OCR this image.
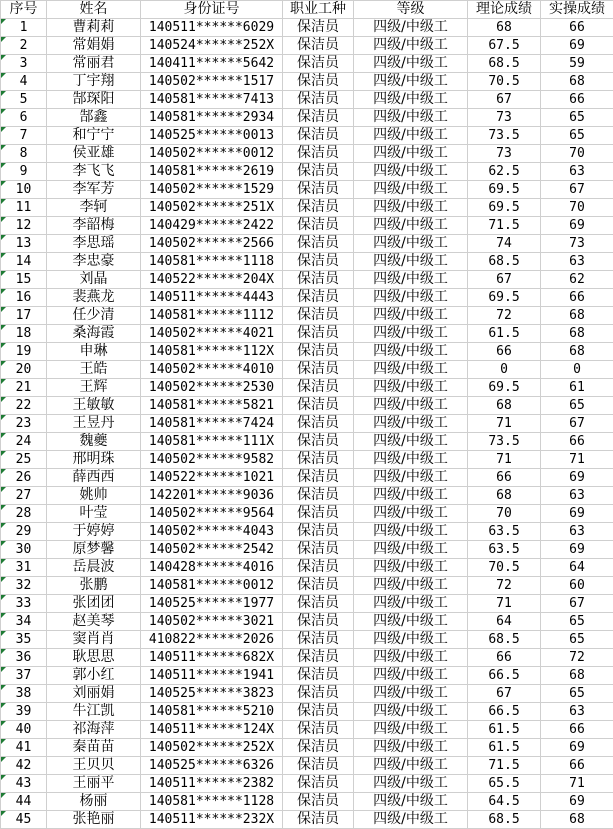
序号	姓名	身份证号	职业工种	等级	理论成绩	实操成绩

1	曹莉莉	140511******6029	保洁员	四级/中级工	68	66

2	常娟娟	140524******252X	保洁员	四级/中级工	67.5	69

3	常丽君	140411******5642	保洁员	四级/中级工	68.5	59

4	丁宇翔	140502******1517	保洁员	四级/中级工	70.5	68

5	郜琛阳	140581******7413	保洁员	四级/中级工	67	66

6	郜鑫	140581******2934	保洁员	四级/中级工	73	65

7	和宁宁	140525******0013	保洁员	四级/中级工	73.5	65

8	侯亚雄	140502******0012	保洁员	四级/中级工	73	70

9	李飞飞	140581******2619	保洁员	四级/中级工	62.5	63

10	李军芳	140502******1529	保洁员	四级/中级工	69.5	67

11	李轲	140502******251X	保洁员	四级/中级工	69.5	70

12	李韶梅	140429******2422	保洁员	四级/中级工	71.5	69

13	李思瑶	140502******2566	保洁员	四级/中级工	74	73

14	李忠豪	140581******1118	保洁员	四级/中级工	68.5	63

15	刘晶	140522******204X	保洁员	四级/中级工	67	62

16	裴燕龙	140511******4443	保洁员	四级/中级工	69.5	66

17	任少清	140581******1112	保洁员	四级/中级工	72	68

18	桑海霞	140502******4021	保洁员	四级/中级工	61.5	68

19	申琳	140581******112X	保洁员	四级/中级工	66	68

20	王皓	140502******4010	保洁员	四级/中级工	0	0

21	王辉	140502******2530	保洁员	四级/中级工	69.5	61

22	王敏敏	140581******5821	保洁员	四级/中级工	68	65

23	王昱丹	140581******7424	保洁员	四级/中级工	71	67

24	魏夔	140581******111X	保洁员	四级/中级工	73.5	66

25	邢明珠	140502******9582	保洁员	四级/中级工	71	71

26	薛西西	140522******1021	保洁员	四级/中级工	66	69

27	姚帅	142201******9036	保洁员	四级/中级工	68	63

28	叶莹	140502******9564	保洁员	四级/中级工	70	69

29	于婷婷	140502******4043	保洁员	四级/中级工	63.5	63

30	原梦馨	140502******2542	保洁员	四级/中级工	63.5	69

31	岳晨波	140428******4016	保洁员	四级/中级工	70.5	64

32	张鹏	140581******0012	保洁员	四级/中级工	72	60

33	张团团	140525******1977	保洁员	四级/中级工	71	67

34	赵美琴	140502******3021	保洁员	四级/中级工	64	65

35	窦肖肖	410822******2026	保洁员	四级/中级工	68.5	65

36	耿思思	140511******682X	保洁员	四级/中级工	66	72

37	郭小红	140511******1941	保洁员	四级/中级工	66.5	68

38	刘丽娟	140525******3823	保洁员	四级/中级工	67	65

39	牛江凯	140581******5210	保洁员	四级/中级工	66.5	63

40	祁海萍	140511******124X	保洁员	四级/中级工	61.5	66

41	秦苗苗	140502******252X	保洁员	四级/中级工	61.5	69

42	王贝贝	140525******6326	保洁员	四级/中级工	71.5	66

43	王丽平	140511******2382	保洁员	四级/中级工	65.5	71

44	杨丽	140581******1128	保洁员	四级/中级工	64.5	69

45	张艳丽	140511******232X	保洁员	四级/中级工	68.5	68
